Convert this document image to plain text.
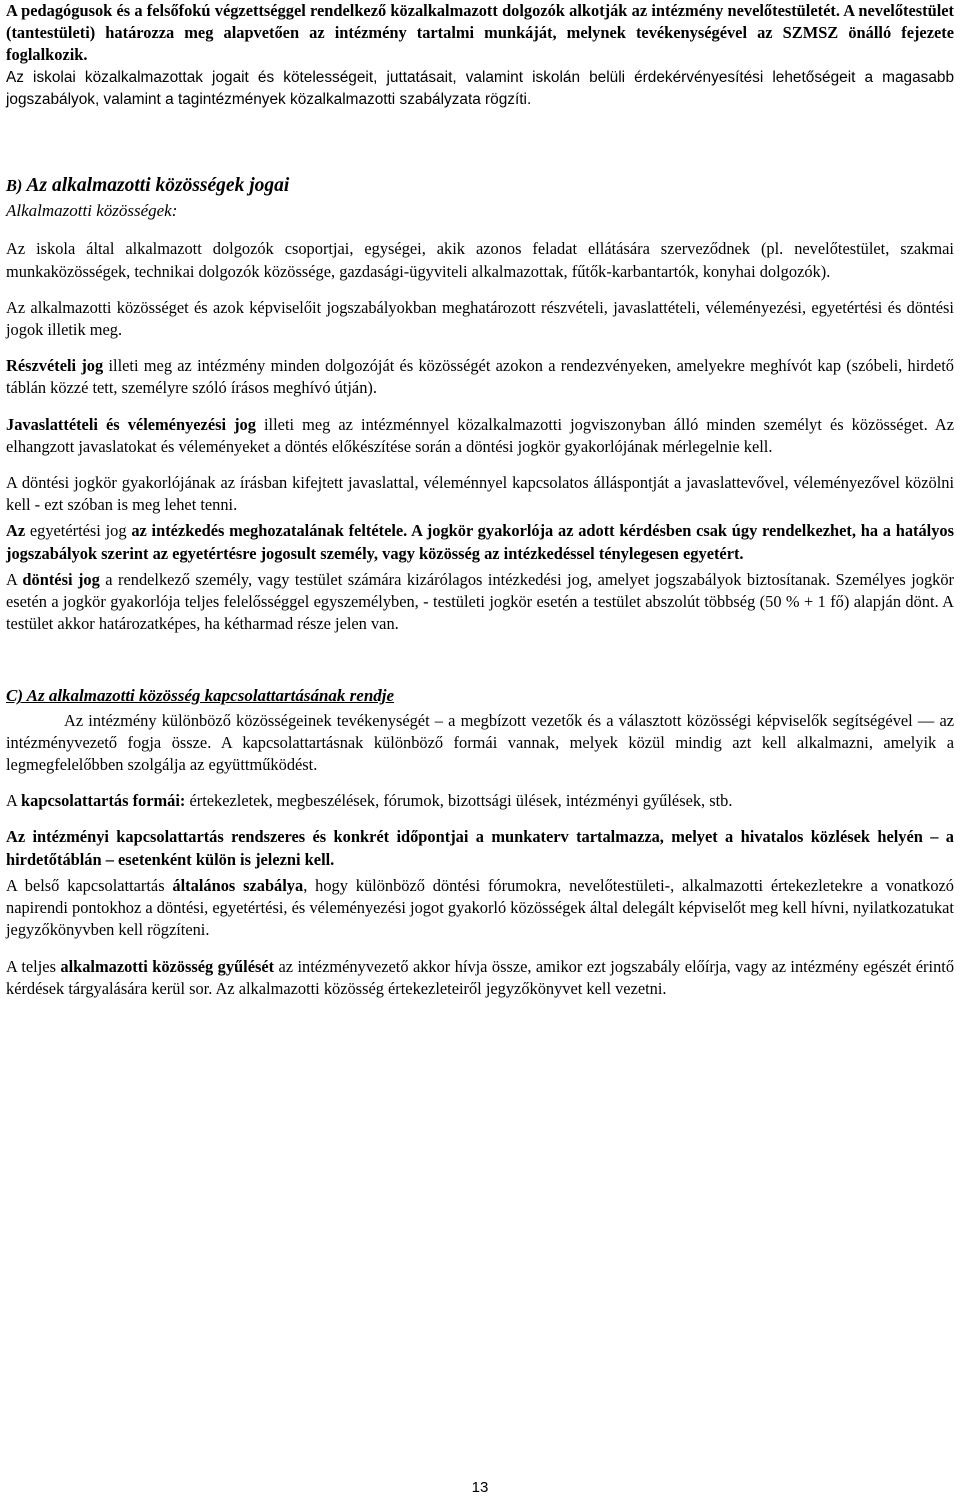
A pedagógusok és a felsőfokú végzettséggel rendelkező közalkalmazott dolgozók alkotják az intézmény nevelőtestületét. A nevelőtestület (tantestületi) határozza meg alapvetően az intézmény tartalmi munkáját, melynek tevékenységével az SZMSZ önálló fejezete foglalkozik.

Az iskolai közalkalmazottak jogait és kötelességeit, juttatásait, valamint iskolán belüli érdekérvényesítési lehetőségeit a magasabb jogszabályok, valamint a tagintézmények közalkalmazotti szabályzata rögzíti.

B) Az alkalmazotti közösségek jogai

Alkalmazotti közösségek:

Az iskola által alkalmazott dolgozók csoportjai, egységei, akik azonos feladat ellátására szerveződnek (pl. nevelőtestület, szakmai munkaközösségek, technikai dolgozók közössége, gazdasági-ügyviteli alkalmazottak, fűtők-karbantartók, konyhai dolgozók).

Az alkalmazotti közösséget és azok képviselőit jogszabályokban meghatározott részvételi, javaslattételi, véleményezési, egyetértési és döntési jogok illetik meg.

Részvételi jog illeti meg az intézmény minden dolgozóját és közösségét azokon a rendezvényeken, amelyekre meghívót kap (szóbeli, hirdető táblán közzé tett, személyre szóló írásos meghívó útján).

Javaslattételi és véleményezési jog illeti meg az intézménnyel közalkalmazotti jogviszonyban álló minden személyt és közösséget. Az elhangzott javaslatokat és véleményeket a döntés előkészítése során a döntési jogkör gyakorlójának mérlegelnie kell.

A döntési jogkör gyakorlójának az írásban kifejtett javaslattal, véleménnyel kapcsolatos álláspontját a javaslattevővel, véleményezővel közölni kell - ezt szóban is meg lehet tenni.

Az egyetértési jog az intézkedés meghozatalának feltétele. A jogkör gyakorlója az adott kérdésben csak úgy rendelkezhet, ha a hatályos jogszabályok szerint az egyetértésre jogosult személy, vagy közösség az intézkedéssel ténylegesen egyetért.

A döntési jog a rendelkező személy, vagy testület számára kizárólagos intézkedési jog, amelyet jogszabályok biztosítanak. Személyes jogkör esetén a jogkör gyakorlója teljes felelősséggel egyszemélyben, - testületi jogkör esetén a testület abszolút többség (50 % + 1 fő) alapján dönt. A testület akkor határozatképes, ha kétharmad része jelen van.

C) Az alkalmazotti közösség kapcsolattartásának rendje

Az intézmény különböző közösségeinek tevékenységét – a megbízott vezetők és a választott közösségi képviselők segítségével ― az intézményvezető fogja össze. A kapcsolattartásnak különböző formái vannak, melyek közül mindig azt kell alkalmazni, amelyik a legmegfelelőbben szolgálja az együttműködést.

A kapcsolattartás formái: értekezletek, megbeszélések, fórumok, bizottsági ülések, intézményi gyűlések, stb.

Az intézményi kapcsolattartás rendszeres és konkrét időpontjai a munkaterv tartalmazza, melyet a hivatalos közlések helyén – a hirdetőtáblán – esetenként külön is jelezni kell.

A belső kapcsolattartás általános szabálya, hogy különböző döntési fórumokra, nevelőtestületi-, alkalmazotti értekezletekre a vonatkozó napirendi pontokhoz a döntési, egyetértési, és véleményezési jogot gyakorló közösségek által delegált képviselőt meg kell hívni, nyilatkozatukat jegyzőkönyvben kell rögzíteni.

A teljes alkalmazotti közösség gyűlését az intézményvezető akkor hívja össze, amikor ezt jogszabály előírja, vagy az intézmény egészét érintő kérdések tárgyalására kerül sor. Az alkalmazotti közösség értekezleteiről jegyzőkönyvet kell vezetni.

13
